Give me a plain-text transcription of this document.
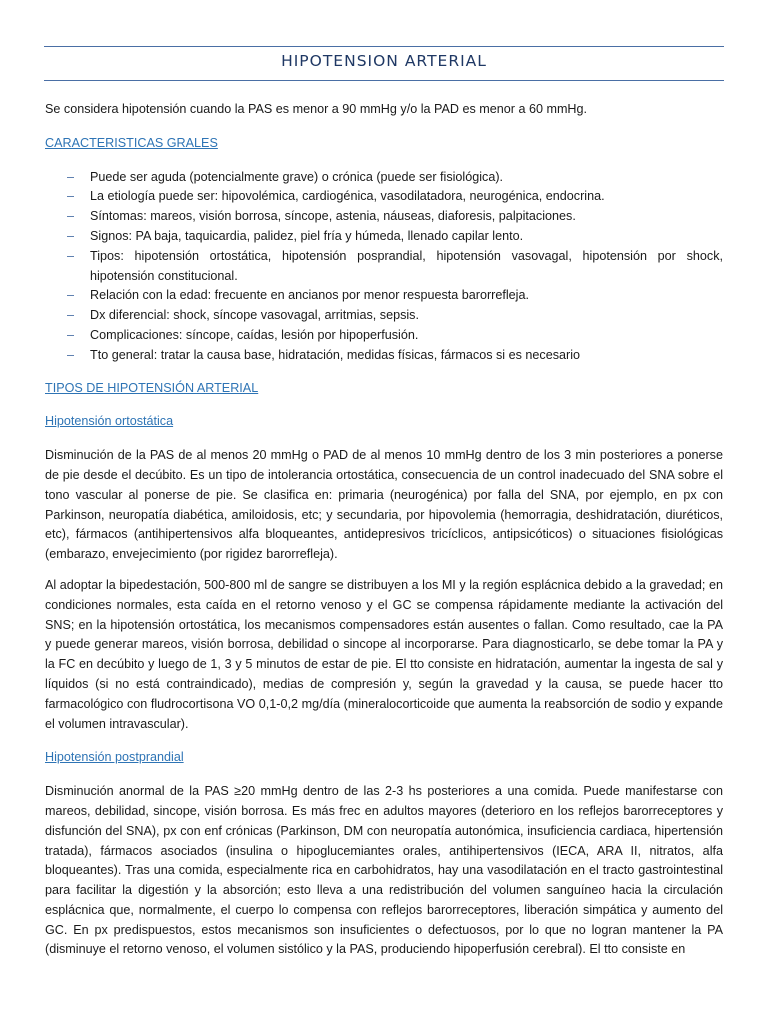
HIPOTENSION ARTERIAL

Se considera hipotensión cuando la PAS es menor a 90 mmHg y/o la PAD es menor a 60 mmHg.

CARACTERISTICAS GRALES
– Puede ser aguda (potencialmente grave) o crónica (puede ser fisiológica).
– La etiología puede ser: hipovolémica, cardiogénica, vasodilatadora, neurogénica, endocrina.
– Síntomas: mareos, visión borrosa, síncope, astenia, náuseas, diaforesis, palpitaciones.
– Signos: PA baja, taquicardia, palidez, piel fría y húmeda, llenado capilar lento.
– Tipos: hipotensión ortostática, hipotensión posprandial, hipotensión vasovagal, hipotensión por shock, hipotensión constitucional.
– Relación con la edad: frecuente en ancianos por menor respuesta barorrefleja.
– Dx diferencial: shock, síncope vasovagal, arritmias, sepsis.
– Complicaciones: síncope, caídas, lesión por hipoperfusión.
– Tto general: tratar la causa base, hidratación, medidas físicas, fármacos si es necesario
TIPOS DE HIPOTENSIÓN ARTERIAL
Hipotensión ortostática

Disminución de la PAS de al menos 20 mmHg o PAD de al menos 10 mmHg dentro de los 3 min posteriores a ponerse de pie desde el decúbito. Es un tipo de intolerancia ortostática, consecuencia de un control inadecuado del SNA sobre el tono vascular al ponerse de pie. Se clasifica en: primaria (neurogénica) por falla del SNA, por ejemplo, en px con Parkinson, neuropatía diabética, amiloidosis, etc; y secundaria, por hipovolemia (hemorragia, deshidratación, diuréticos, etc), fármacos (antihipertensivos alfa bloqueantes, antidepresivos tricíclicos, antipsicóticos) o situaciones fisiológicas (embarazo, envejecimiento (por rigidez barorrefleja).

Al adoptar la bipedestación, 500-800 ml de sangre se distribuyen a los MI y la región esplácnica debido a la gravedad; en condiciones normales, esta caída en el retorno venoso y el GC se compensa rápidamente mediante la activación del SNS; en la hipotensión ortostática, los mecanismos compensadores están ausentes o fallan. Como resultado, cae la PA y puede generar mareos, visión borrosa, debilidad o sincope al incorporarse. Para diagnosticarlo, se debe tomar la PA y la FC en decúbito y luego de 1, 3 y 5 minutos de estar de pie. El tto consiste en hidratación, aumentar la ingesta de sal y líquidos (si no está contraindicado), medias de compresión y, según la gravedad y la causa, se puede hacer tto farmacológico con fludrocortisona VO 0,1-0,2 mg/día (mineralocorticoide que aumenta la reabsorción de sodio y expande el volumen intravascular).

Hipotensión postprandial

Disminución anormal de la PAS ≥20 mmHg dentro de las 2-3 hs posteriores a una comida. Puede manifestarse con mareos, debilidad, sincope, visión borrosa. Es más frec en adultos mayores (deterioro en los reflejos barorreceptores y disfunción del SNA), px con enf crónicas (Parkinson, DM con neuropatía autonómica, insuficiencia cardiaca, hipertensión tratada), fármacos asociados (insulina o hipoglucemiantes orales, antihipertensivos (IECA, ARA II, nitratos, alfa bloqueantes). Tras una comida, especialmente rica en carbohidratos, hay una vasodilatación en el tracto gastrointestinal para facilitar la digestión y la absorción; esto lleva a una redistribución del volumen sanguíneo hacia la circulación esplácnica que, normalmente, el cuerpo lo compensa con reflejos barorreceptores, liberación simpática y aumento del GC. En px predispuestos, estos mecanismos son insuficientes o defectuosos, por lo que no logran mantener la PA (disminuye el retorno venoso, el volumen sistólico y la PAS, produciendo hipoperfusión cerebral). El tto consiste en
